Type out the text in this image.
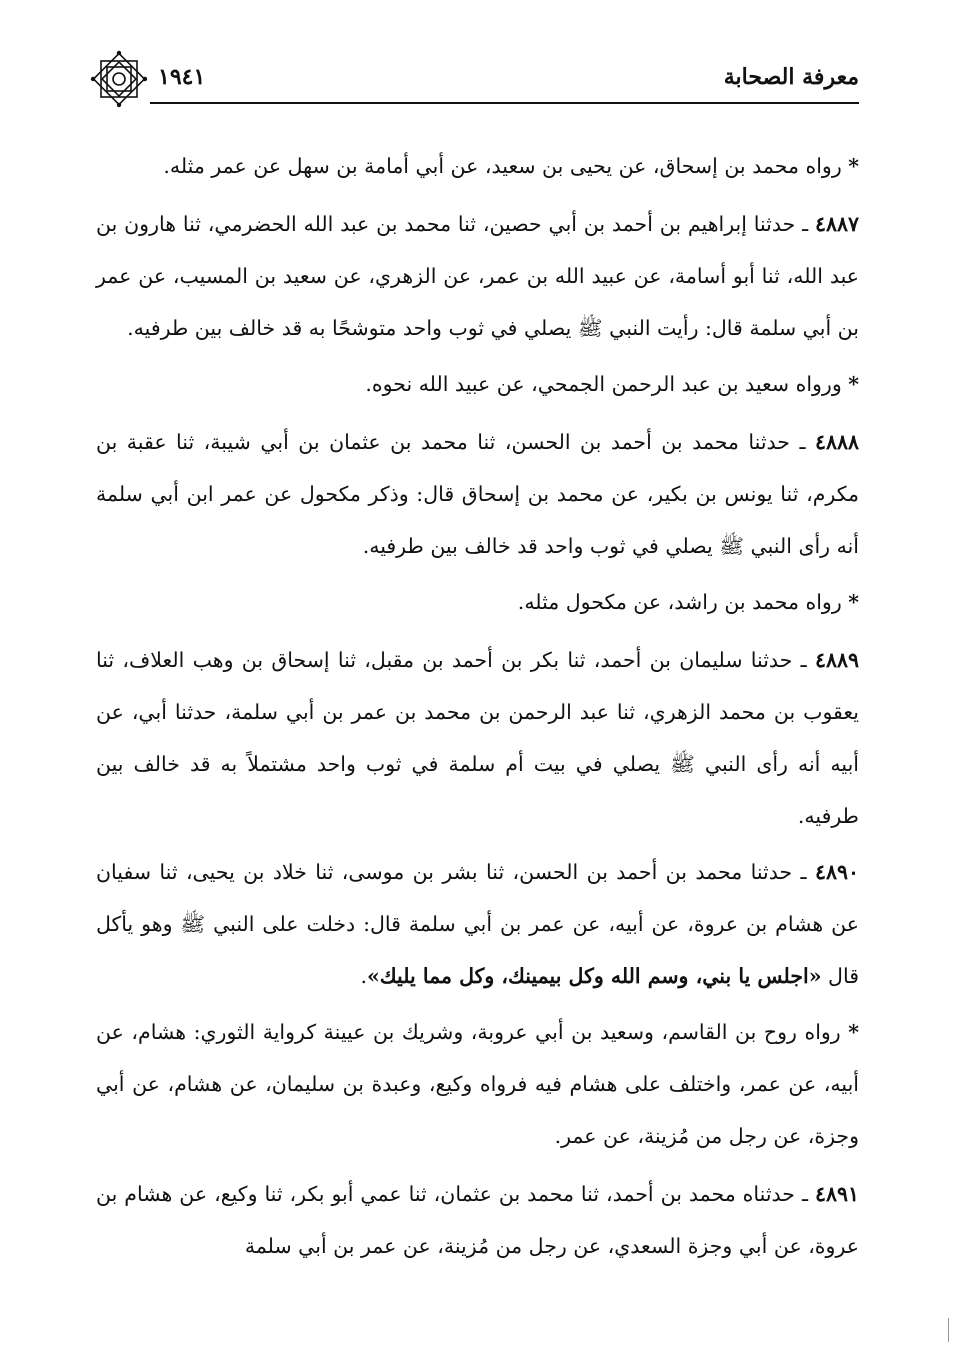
معرفة الصحابة
١٩٤١

* رواه محمد بن إسحاق، عن يحيى بن سعيد، عن أبي أمامة بن سهل عن عمر مثله.

٤٨٨٧ ـ حدثنا إبراهيم بن أحمد بن أبي حصين، ثنا محمد بن عبد الله الحضرمي، ثنا هارون بن عبد الله، ثنا أبو أسامة، عن عبيد الله بن عمر، عن الزهري، عن سعيد بن المسيب، عن عمر بن أبي سلمة قال: رأيت النبي ﷺ يصلي في ثوب واحد متوشحًا به قد خالف بين طرفيه.

* ورواه سعيد بن عبد الرحمن الجمحي، عن عبيد الله نحوه.

٤٨٨٨ ـ حدثنا محمد بن أحمد بن الحسن، ثنا محمد بن عثمان بن أبي شيبة، ثنا عقبة بن مكرم، ثنا يونس بن بكير، عن محمد بن إسحاق قال: وذكر مكحول عن عمر ابن أبي سلمة أنه رأى النبي ﷺ يصلي في ثوب واحد قد خالف بين طرفيه.

* رواه محمد بن راشد، عن مكحول مثله.

٤٨٨٩ ـ حدثنا سليمان بن أحمد، ثنا بكر بن أحمد بن مقبل، ثنا إسحاق بن وهب العلاف، ثنا يعقوب بن محمد الزهري، ثنا عبد الرحمن بن محمد بن عمر بن أبي سلمة، حدثنا أبي، عن أبيه أنه رأى النبي ﷺ يصلي في بيت أم سلمة في ثوب واحد مشتملاً به قد خالف بين طرفيه.

٤٨٩٠ ـ حدثنا محمد بن أحمد بن الحسن، ثنا بشر بن موسى، ثنا خلاد بن يحيى، ثنا سفيان عن هشام بن عروة، عن أبيه، عن عمر بن أبي سلمة قال: دخلت على النبي ﷺ وهو يأكل قال «اجلس يا بني، وسم الله وكل بيمينك، وكل مما يليك».

* رواه روح بن القاسم، وسعيد بن أبي عروبة، وشريك بن عيينة كرواية الثوري: هشام، عن أبيه، عن عمر، واختلف على هشام فيه فرواه وكيع، وعبدة بن سليمان، عن هشام، عن أبي وجزة، عن رجل من مُزينة، عن عمر.

٤٨٩١ ـ حدثناه محمد بن أحمد، ثنا محمد بن عثمان، ثنا عمي أبو بكر، ثنا وكيع، عن هشام بن عروة، عن أبي وجزة السعدي، عن رجل من مُزينة، عن عمر بن أبي سلمة
